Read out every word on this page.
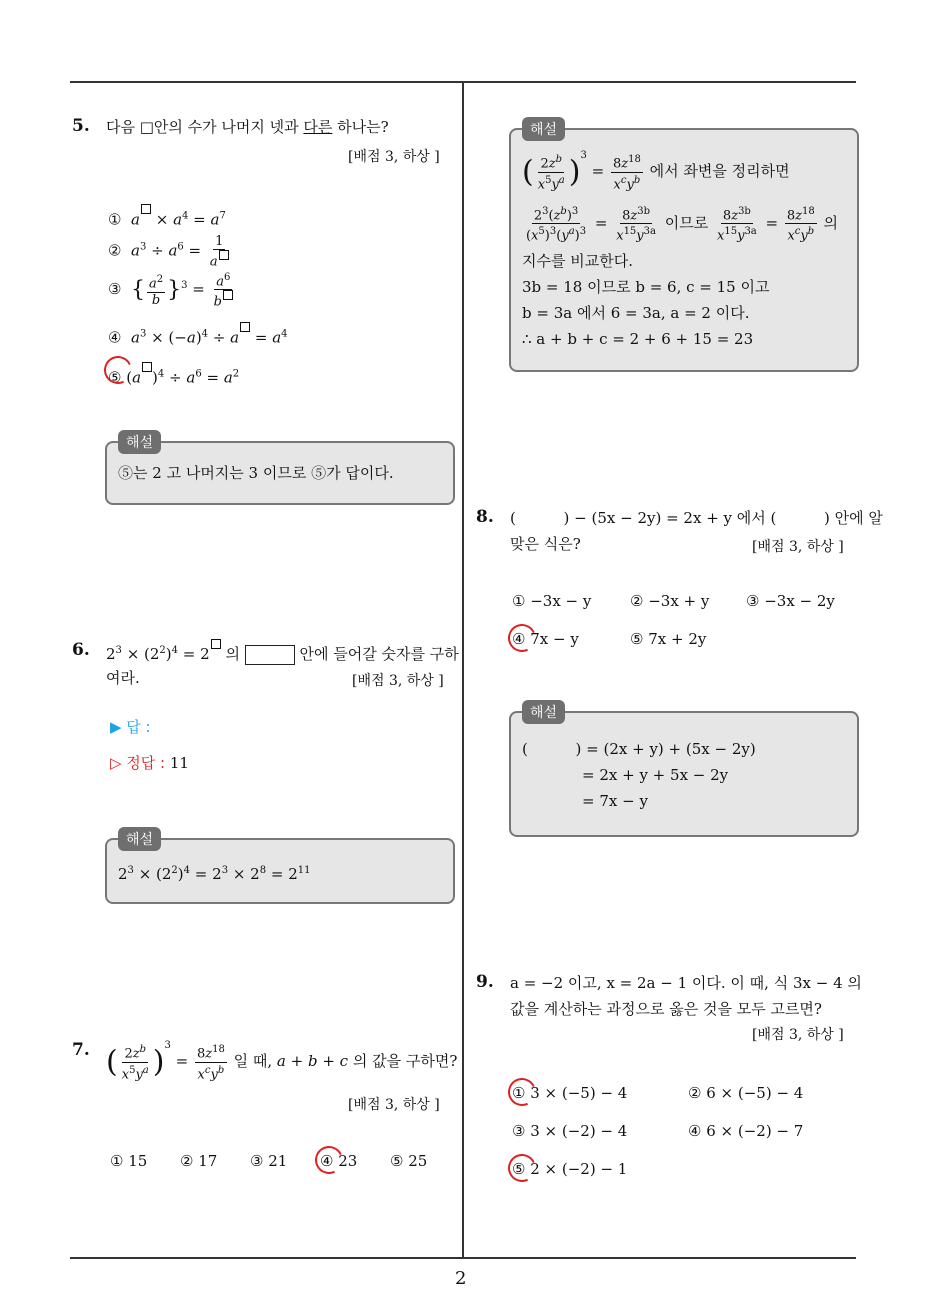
2
5. 다음 □안의 수가 나머지 넷과 다른 하나는?
[배점 3, 하상 ]
① $a \times a^4 = a^7$
② $a^3 \div a^6 = \frac{1}{a}$
③ { $\frac{a^2}{b} \}^3 = \frac{a^6}{b}$
④ $a^3 \times (-a)^4 \div a = a^4$
⑤ (a )$^4 \div a^6 = a^2$
해설
⑤는 2 고 나머지는 3 이므로 ⑤가 답이다.
6. $2^3 \times (2^2)^4 = 2$ 의	안에 들어갈 숫자를 구하
여라.	[배점 3, 하상 ]
▶ 답 :
▷ 정답 : 11
해설
$2^3 \times (2^2)^4 = 2^3 \times 2^8 = 2^{11}$
7. ( $\frac{2z^b}{x^5y^a} )^3 = \frac{8z^{18}}{x^cy^b}$ 일 때, a + b + c 의 값을 구하면?
[배점 3, 하상 ]
① 15 ② 17 ③ 21 ④ 23 ⑤ 25
해설
( $\frac{2z^b}{x^5y^a} )^3 = \frac{8z^{18}}{x^cy^b}$ 에서 좌변을 정리하면
$\frac{2^3(z^b)^3}{(x^5)^3(y^a)^3} = \frac{8z^{3b}}{x^{15}y^{3a}}$ 이므로 $\frac{8z^{3b}}{x^{15}y^{3a}} = \frac{8z^{18}}{x^cy^b}$ 의
지수를 비교한다.
3b = 18 이므로 b = 6, c = 15 이고
b = 3a 에서 6 = 3a, a = 2 이다.
∴ a + b + c = 2 + 6 + 15 = 23
8. (          ) − (5x − 2y) = 2x + y 에서 (          ) 안에 알
맞은 식은?	[배점 3, 하상 ]
① −3x − y	② −3x + y ③ −3x − 2y
④ 7x − y	⑤ 7x + 2y
해설
(          ) = (2x + y) + (5x − 2y)
= 2x + y + 5x − 2y
= 7x − y
9. a = −2 이고, x = 2a − 1 이다. 이 때, 식 3x − 4 의
값을 계산하는 과정으로 옳은 것을 모두 고르면?
[배점 3, 하상 ]
① 3 × (−5) − 4	② 6 × (−5) − 4
③ 3 × (−2) − 4	④ 6 × (−2) − 7
⑤ 2 × (−2) − 1
